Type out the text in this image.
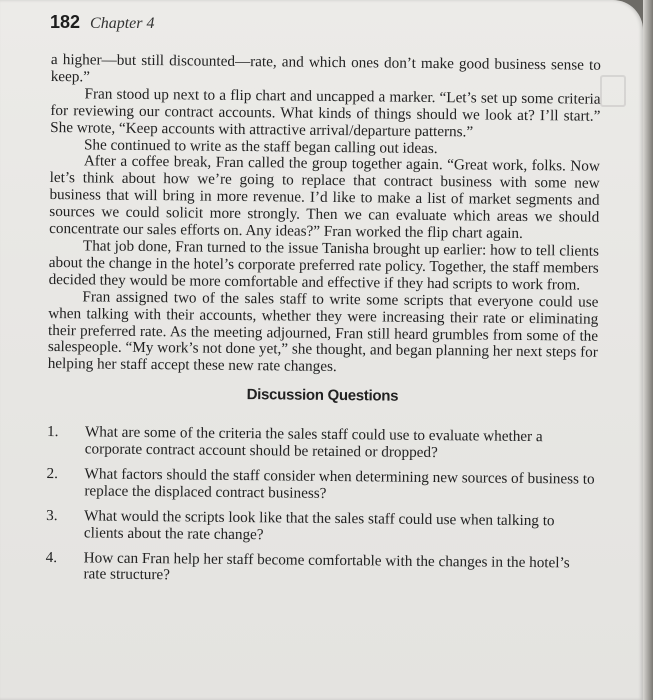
182 Chapter 4

a higher—but still discounted—rate, and which ones don’t make good business sense to keep.”

Fran stood up next to a flip chart and uncapped a marker. “Let’s set up some criteria for reviewing our contract accounts. What kinds of things should we look at? I’ll start.” She wrote, “Keep accounts with attractive arrival/departure patterns.”

She continued to write as the staff began calling out ideas.

After a coffee break, Fran called the group together again. “Great work, folks. Now let’s think about how we’re going to replace that contract business with some new business that will bring in more revenue. I’d like to make a list of market segments and sources we could solicit more strongly. Then we can evaluate which areas we should concentrate our sales efforts on. Any ideas?” Fran worked the flip chart again.

That job done, Fran turned to the issue Tanisha brought up earlier: how to tell clients about the change in the hotel’s corporate preferred rate policy. Together, the staff members decided they would be more comfortable and effective if they had scripts to work from.

Fran assigned two of the sales staff to write some scripts that everyone could use when talking with their accounts, whether they were increasing their rate or eliminating their preferred rate. As the meeting adjourned, Fran still heard grumbles from some of the salespeople. “My work’s not done yet,” she thought, and began planning her next steps for helping her staff accept these new rate changes.

Discussion Questions
1.	What are some of the criteria the sales staff could use to evaluate whether a corporate contract account should be retained or dropped?
2.	What factors should the staff consider when determining new sources of business to replace the displaced contract business?
3.	What would the scripts look like that the sales staff could use when talking to clients about the rate change?
4.	How can Fran help her staff become comfortable with the changes in the hotel’s rate structure?
